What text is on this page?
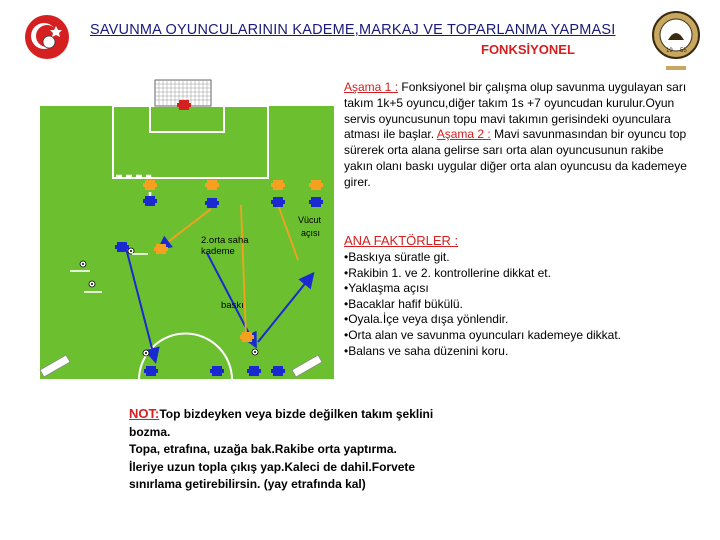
19 55
SAVUNMA OYUNCULARININ KADEME,MARKAJ VE TOPARLANMA YAPMASI
FONKSİYONEL
2.orta saha
kademe
baskı
Vücut
açısı
Aşama 1 : Fonksiyonel bir çalışma olup savunma uygulayan sarı takım 1k+5 oyuncu,diğer takım 1s +7 oyuncudan kurulur.Oyun servis oyuncusunun topu mavi takımın gerisindeki oyunculara atması ile başlar. Aşama 2 : Mavi savunmasından bir oyuncu top sürerek orta alana gelirse sarı orta alan oyuncusunun rakibe yakın olanı baskı uygular diğer orta alan oyuncusu da kademeye girer.
ANA FAKTÖRLER :
•Baskıya süratle git.
•Rakibin 1. ve 2. kontrollerine dikkat et.
•Yaklaşma açısı
•Bacaklar hafif bükülü.
•Oyala.İçe veya dışa yönlendir.
•Orta alan ve savunma oyuncuları kademeye dikkat.
•Balans ve saha düzenini koru.
NOT:Top bizdeyken veya bizde değilken takım şeklini bozma.
Topa, etrafına, uzağa bak.Rakibe orta yaptırma.
İleriye uzun topla çıkış yap.Kaleci de dahil.Forvete sınırlama getirebilirsin. (yay etrafında kal)
